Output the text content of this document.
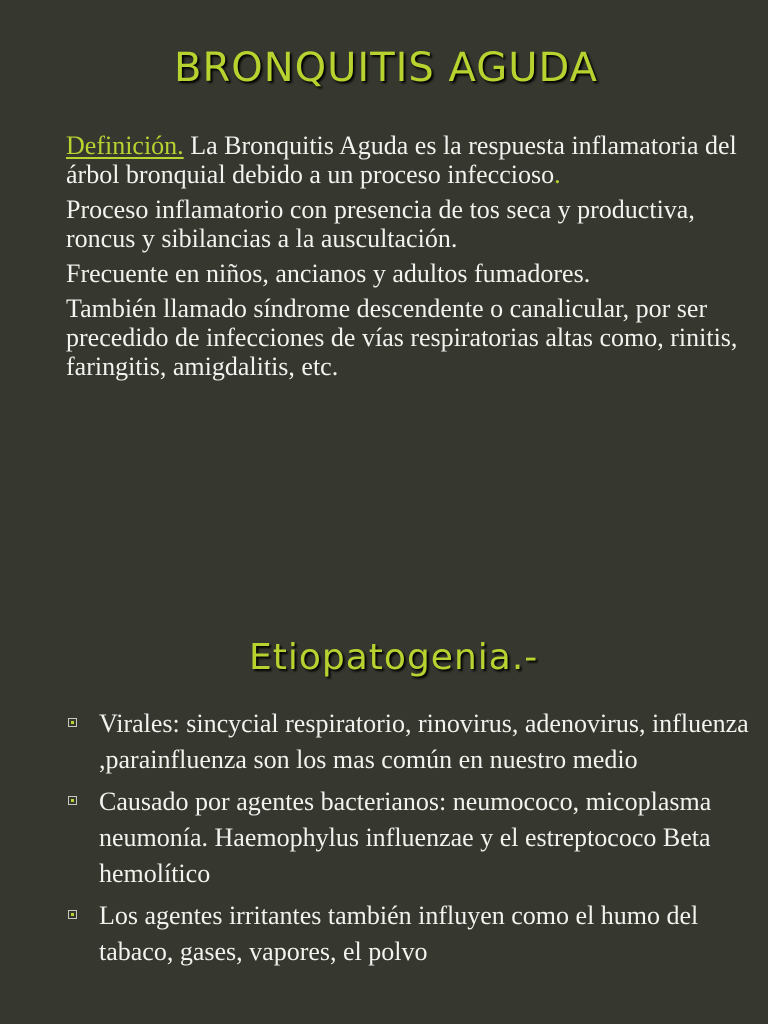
BRONQUITIS AGUDA

Definición. La Bronquitis Aguda es la respuesta inflamatoria del árbol bronquial debido a un proceso infeccioso.

Proceso inflamatorio con presencia de tos seca y productiva, roncus y sibilancias a la auscultación.

Frecuente en niños, ancianos y adultos fumadores.

También llamado síndrome descendente o canalicular, por ser precedido de infecciones de vías respiratorias altas como, rinitis, faringitis, amigdalitis, etc.

Etiopatogenia.-
Virales: sincycial respiratorio, rinovirus, adenovirus, influenza ,parainfluenza son los mas común en nuestro medio
Causado por agentes bacterianos: neumococo, micoplasma neumonía. Haemophylus influenzae y el estreptococo Beta hemolítico
Los agentes irritantes también influyen como el humo del tabaco, gases, vapores, el polvo
